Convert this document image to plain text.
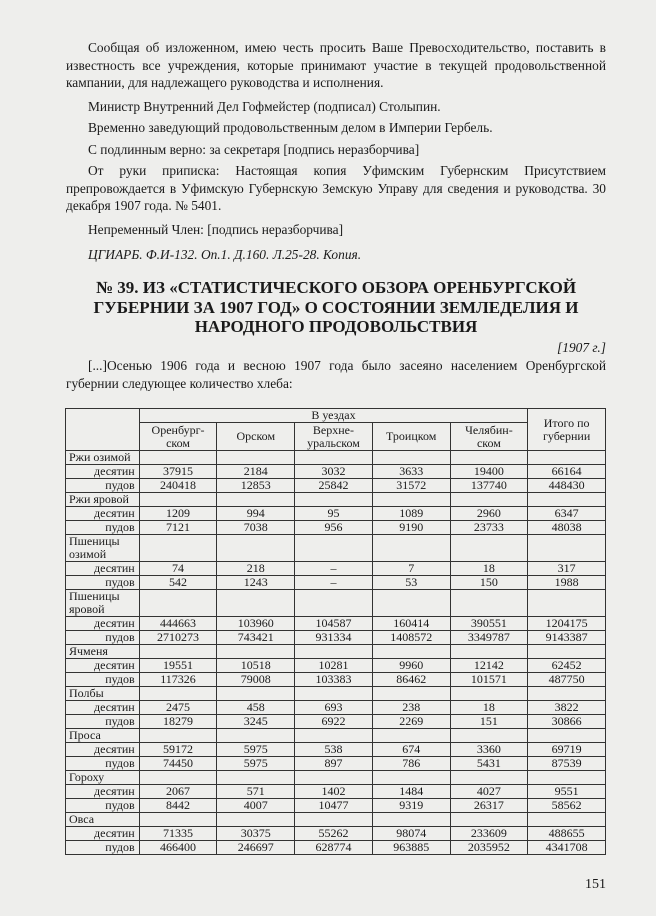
Сообщая об изложенном, имею честь просить Ваше Превосходительство, поставить в известность все учреждения, которые принимают участие в текущей продовольственной кампании, для надлежащего руководства и исполнения.

Министр Внутренний Дел Гофмейстер (подписал) Столыпин.

Временно заведующий продовольственным делом в Империи Гербель.

С подлинным верно: за секретаря [подпись неразборчива]

От руки приписка: Настоящая копия Уфимским Губернским Присутствием препровождается в Уфимскую Губернскую Земскую Управу для сведения и руководства. 30 декабря 1907 года. № 5401.

Непременный Член: [подпись неразборчива]

ЦГИАРБ. Ф.И-132. Оп.1. Д.160. Л.25-28. Копия.

№ 39. ИЗ «СТАТИСТИЧЕСКОГО ОБЗОРА ОРЕНБУРГСКОЙ ГУБЕРНИИ ЗА 1907 ГОД» О СОСТОЯНИИ ЗЕМЛЕДЕЛИЯ И НАРОДНОГО ПРОДОВОЛЬСТВИЯ
[1907 г.]
[...]Осенью 1906 года и весною 1907 года было засеяно населением Оренбургской губернии следующее количество хлеба:
	В уездах					Итого по губернии
	Оренбург-ском	Орском	Верхне-уральском	Троицком	Челябин-ском	
Ржи озимой						
десятин	37915	2184	3032	3633	19400	66164
пудов	240418	12853	25842	31572	137740	448430
Ржи яровой						
десятин	1209	994	95	1089	2960	6347
пудов	7121	7038	956	9190	23733	48038
Пшеницы озимой						
десятин	74	218	–	7	18	317
пудов	542	1243	–	53	150	1988
Пшеницы яровой						
десятин	444663	103960	104587	160414	390551	1204175
пудов	2710273	743421	931334	1408572	3349787	9143387
Ячменя						
десятин	19551	10518	10281	9960	12142	62452
пудов	117326	79008	103383	86462	101571	487750
Полбы						
десятин	2475	458	693	238	18	3822
пудов	18279	3245	6922	2269	151	30866
Проса						
десятин	59172	5975	538	674	3360	69719
пудов	74450	5975	897	786	5431	87539
Гороху						
десятин	2067	571	1402	1484	4027	9551
пудов	8442	4007	10477	9319	26317	58562
Овса						
десятин	71335	30375	55262	98074	233609	488655
пудов	466400	246697	628774	963885	2035952	4341708
151
